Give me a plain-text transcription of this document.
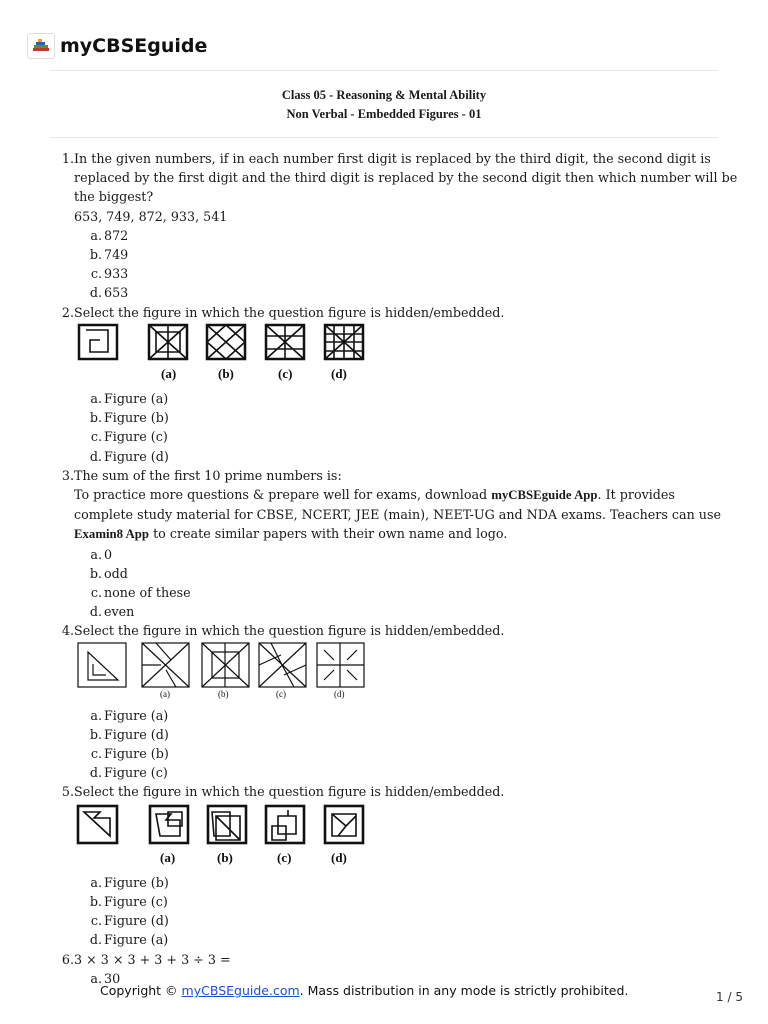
myCBSEguide
Class 05 - Reasoning & Mental Ability
Non Verbal - Embedded Figures - 01
1. In the given numbers, if in each number first digit is replaced by the third digit, the second digit is replaced by the first digit and the third digit is replaced by the second digit then which number will be the biggest?
653, 749, 872, 933, 541
a. 872
b. 749
c. 933
d. 653
2. Select the figure in which the question figure is hidden/embedded.
(a)	(b)	(c)	(d)
a. Figure (a)
b. Figure (b)
c. Figure (c)
d. Figure (d)
3. The sum of the first 10 prime numbers is:
To practice more questions & prepare well for exams, download myCBSEguide App. It provides complete study material for CBSE, NCERT, JEE (main), NEET-UG and NDA exams. Teachers can use Examin8 App to create similar papers with their own name and logo.
a. 0
b. odd
c. none of these
d. even
4. Select the figure in which the question figure is hidden/embedded.
(a)	(b)	(c)	(d)
a. Figure (a)
b. Figure (d)
c. Figure (b)
d. Figure (c)
5. Select the figure in which the question figure is hidden/embedded.
(a)	(b)	(c)	(d)
a. Figure (b)
b. Figure (c)
c. Figure (d)
d. Figure (a)
6. 3 × 3 × 3 + 3 + 3 ÷ 3 =
a. 30
Copyright © myCBSEguide.com. Mass distribution in any mode is strictly prohibited.	1 / 5
